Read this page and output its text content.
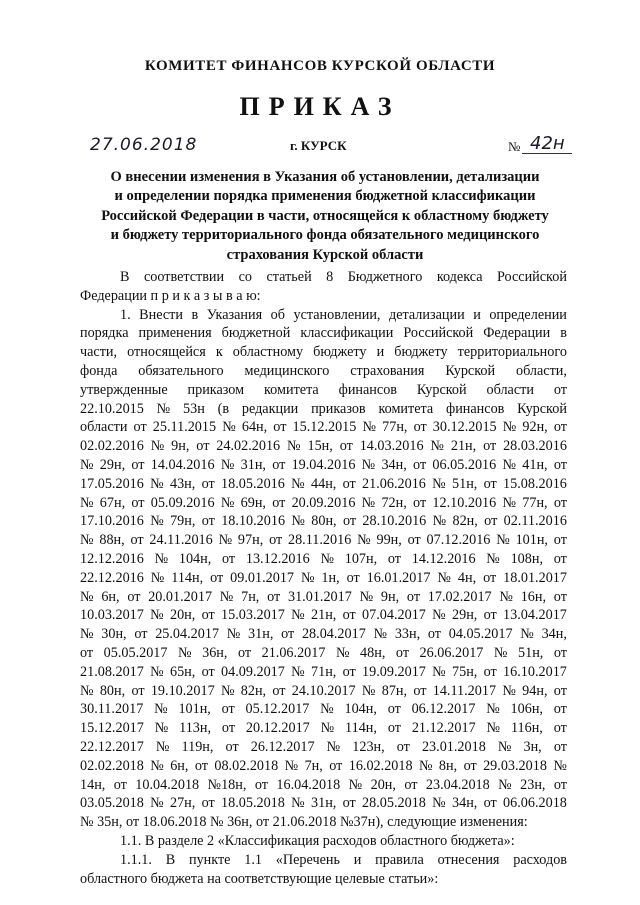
КОМИТЕТ ФИНАНСОВ КУРСКОЙ ОБЛАСТИ
ПРИКАЗ
27.06.2018	г. КУРСК	№ 42н
О внесении изменения в Указания об установлении, детализации
и определении порядка применения бюджетной классификации
Российской Федерации в части, относящейся к областному бюджету
и бюджету территориального фонда обязательного медицинского
страхования Курской области
В соответствии со статьей 8 Бюджетного кодекса Российской
Федерации п р и к а з ы в а ю:
1. Внести в Указания об установлении, детализации и определении
порядка применения бюджетной классификации Российской Федерации в
части, относящейся к областному бюджету и бюджету территориального
фонда обязательного медицинского страхования Курской области,
утвержденные приказом комитета финансов Курской области от
22.10.2015 № 53н (в редакции приказов комитета финансов Курской
области от 25.11.2015 № 64н, от 15.12.2015 № 77н, от 30.12.2015 № 92н, от
02.02.2016 № 9н, от 24.02.2016 № 15н, от 14.03.2016 № 21н, от 28.03.2016
№ 29н, от 14.04.2016 № 31н, от 19.04.2016 № 34н, от 06.05.2016 № 41н, от
17.05.2016 № 43н, от 18.05.2016 № 44н, от 21.06.2016 № 51н, от 15.08.2016
№ 67н, от 05.09.2016 № 69н, от 20.09.2016 № 72н, от 12.10.2016 № 77н, от
17.10.2016 № 79н, от 18.10.2016 № 80н, от 28.10.2016 № 82н, от 02.11.2016
№ 88н, от 24.11.2016 № 97н, от 28.11.2016 № 99н, от 07.12.2016 № 101н, от
12.12.2016 № 104н, от 13.12.2016 № 107н, от 14.12.2016 № 108н, от
22.12.2016 № 114н, от 09.01.2017 № 1н, от 16.01.2017 № 4н, от 18.01.2017
№ 6н, от 20.01.2017 № 7н, от 31.01.2017 № 9н, от 17.02.2017 № 16н, от
10.03.2017 № 20н, от 15.03.2017 № 21н, от 07.04.2017 № 29н, от 13.04.2017
№ 30н, от 25.04.2017 № 31н, от 28.04.2017 № 33н, от 04.05.2017 № 34н,
от 05.05.2017 № 36н, от 21.06.2017 № 48н, от 26.06.2017 № 51н, от
21.08.2017 № 65н, от 04.09.2017 № 71н, от 19.09.2017 № 75н, от 16.10.2017
№ 80н, от 19.10.2017 № 82н, от 24.10.2017 № 87н, от 14.11.2017 № 94н, от
30.11.2017 № 101н, от 05.12.2017 № 104н, от 06.12.2017 № 106н, от
15.12.2017 № 113н, от 20.12.2017 № 114н, от 21.12.2017 № 116н, от
22.12.2017 № 119н, от 26.12.2017 № 123н, от 23.01.2018 № 3н, от
02.02.2018 № 6н, от 08.02.2018 № 7н, от 16.02.2018 № 8н, от 29.03.2018 №
14н, от 10.04.2018 №18н, от 16.04.2018 № 20н, от 23.04.2018 № 23н, от
03.05.2018 № 27н, от 18.05.2018 № 31н, от 28.05.2018 № 34н, от 06.06.2018
№ 35н, от 18.06.2018 № 36н, от 21.06.2018 №37н), следующие изменения:
1.1. В разделе 2 «Классификация расходов областного бюджета»:
1.1.1. В пункте 1.1 «Перечень и правила отнесения расходов
областного бюджета на соответствующие целевые статьи»:
